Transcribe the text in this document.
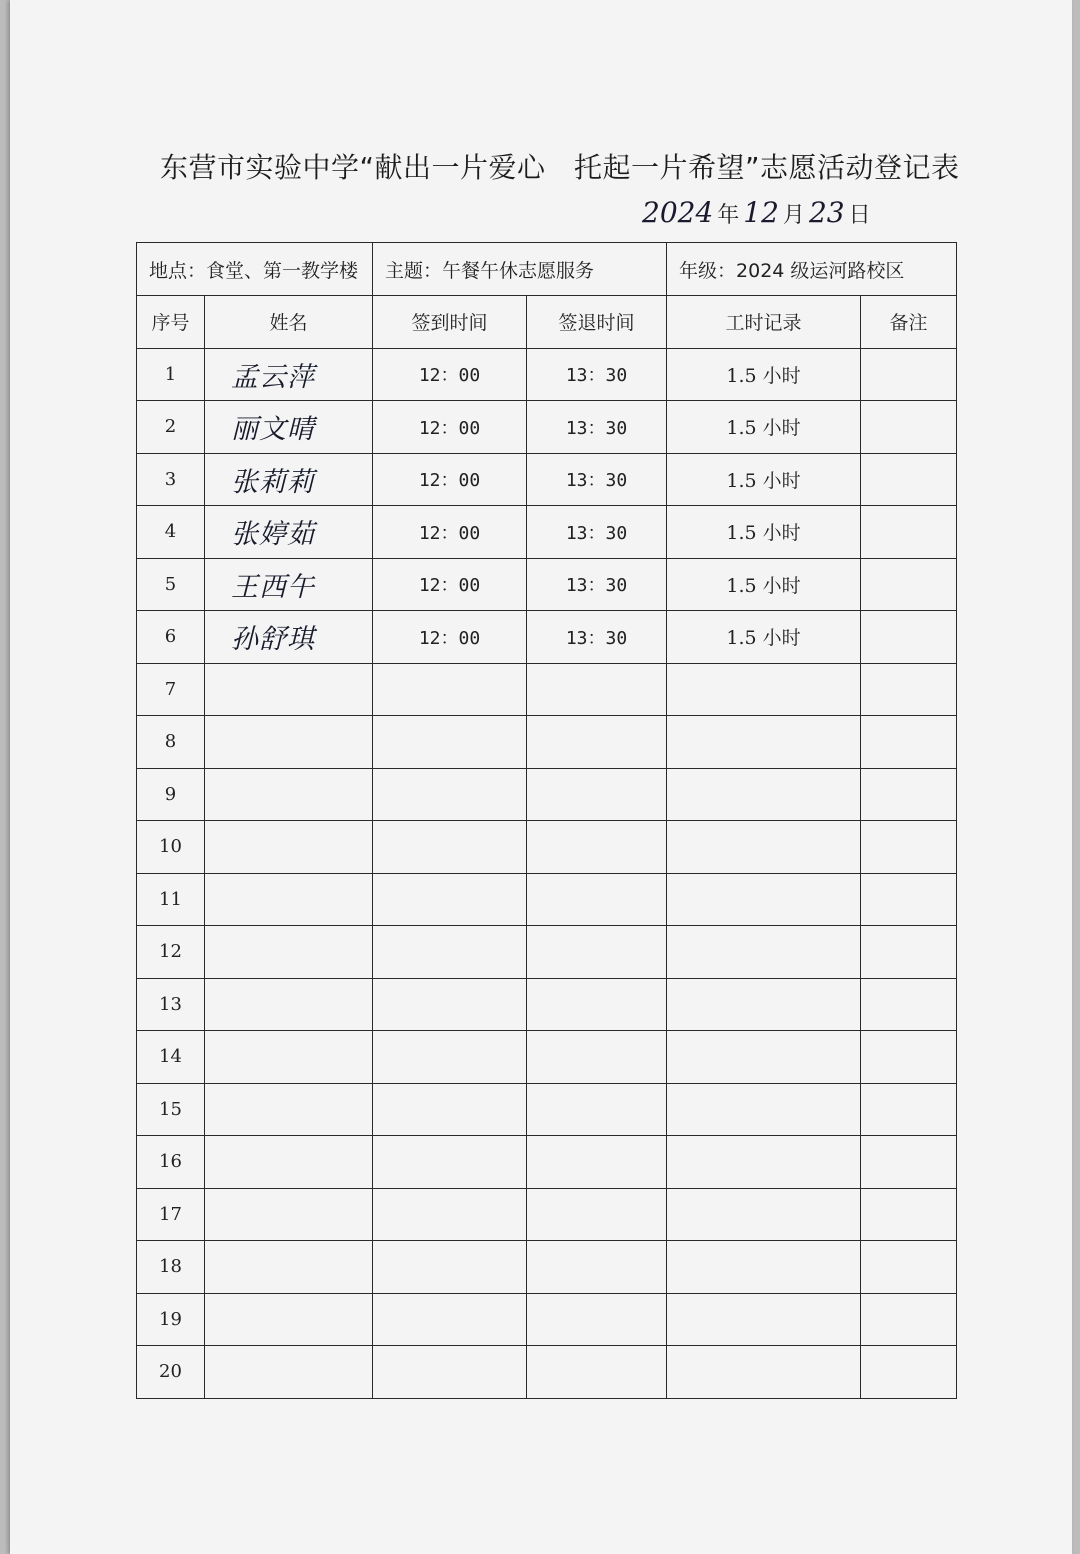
东营市实验中学“献出一片爱心　托起一片希望”志愿活动登记表
2024 年 12 月 23 日
地点：食堂、第一教学楼		主题：午餐午休志愿服务		年级：2024 级运河路校区	
序号	姓名	签到时间	签退时间	工时记录	备注
1	孟云萍	12：00	13：30	1.5 小时	
2	丽文晴	12：00	13：30	1.5 小时	
3	张莉莉	12：00	13：30	1.5 小时	
4	张婷茹	12：00	13：30	1.5 小时	
5	王西午	12：00	13：30	1.5 小时	
6	孙舒琪	12：00	13：30	1.5 小时	
7					
8					
9					
10					
11					
12					
13					
14					
15					
16					
17					
18					
19					
20					
